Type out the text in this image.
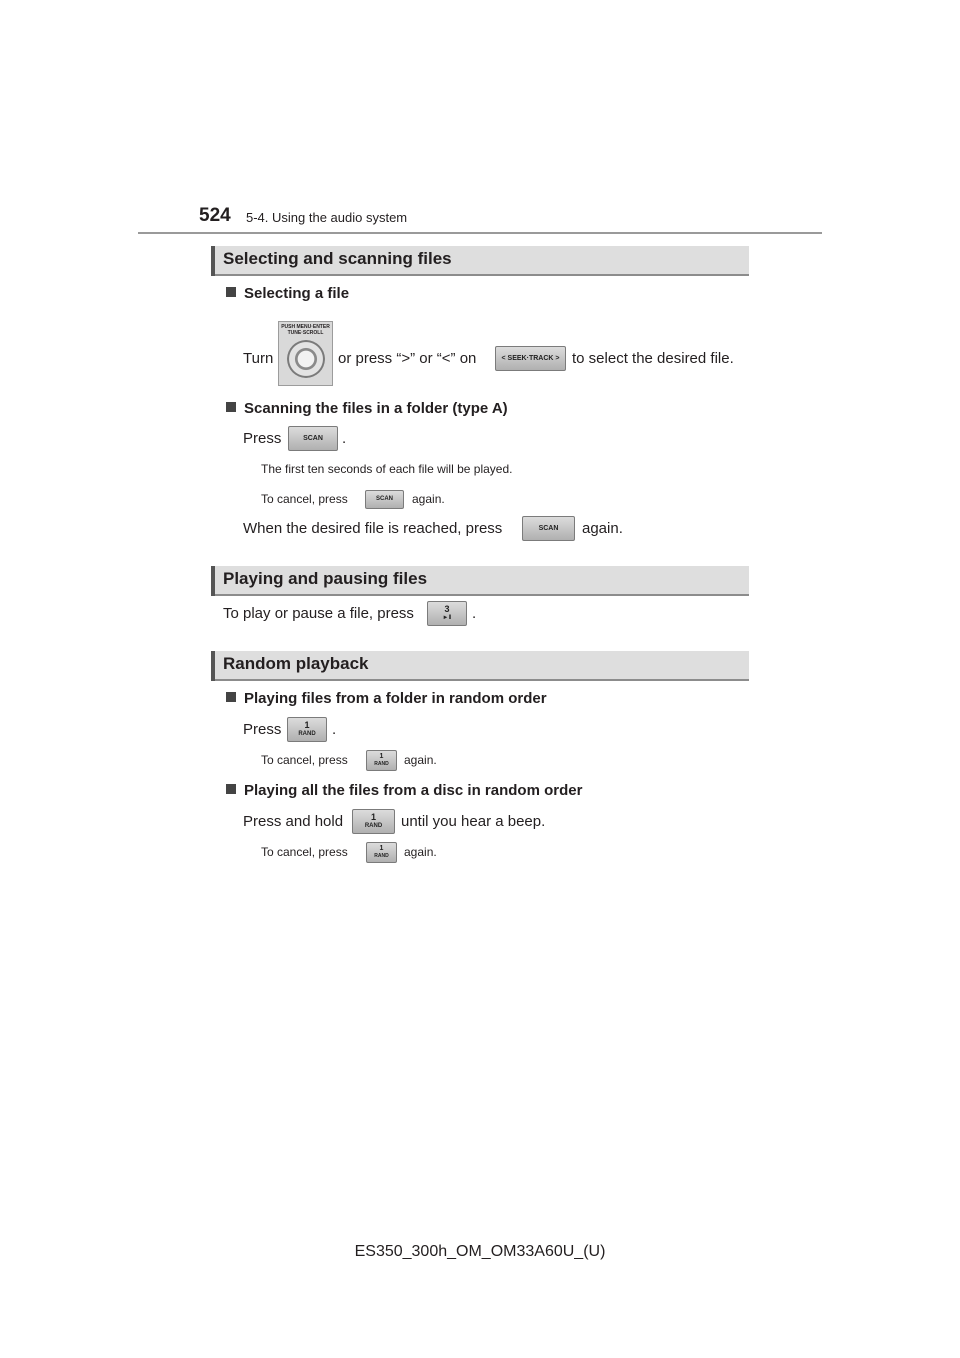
524 5-4. Using the audio system
Selecting and scanning files
Selecting a file
Turn
PUSH MENU·ENTER
TUNE·SCROLL
or press “>” or “<” on	< SEEK·TRACK > to select the desired file.
Scanning the files in a folder (type A)
Press	SCAN	.
The first ten seconds of each file will be played.
To cancel, press	SCAN	again.
When the desired file is reached, press	SCAN	again.
Playing and pausing files
To play or pause a file, press	3
►‖	.
Random playback
Playing files from a folder in random order
Press	1
RAND	.
To cancel, press	1
RAND	again.
Playing all the files from a disc in random order
Press and hold	1
RAND	until you hear a beep.
To cancel, press	1
RAND	again.
ES350_300h_OM_OM33A60U_(U)
